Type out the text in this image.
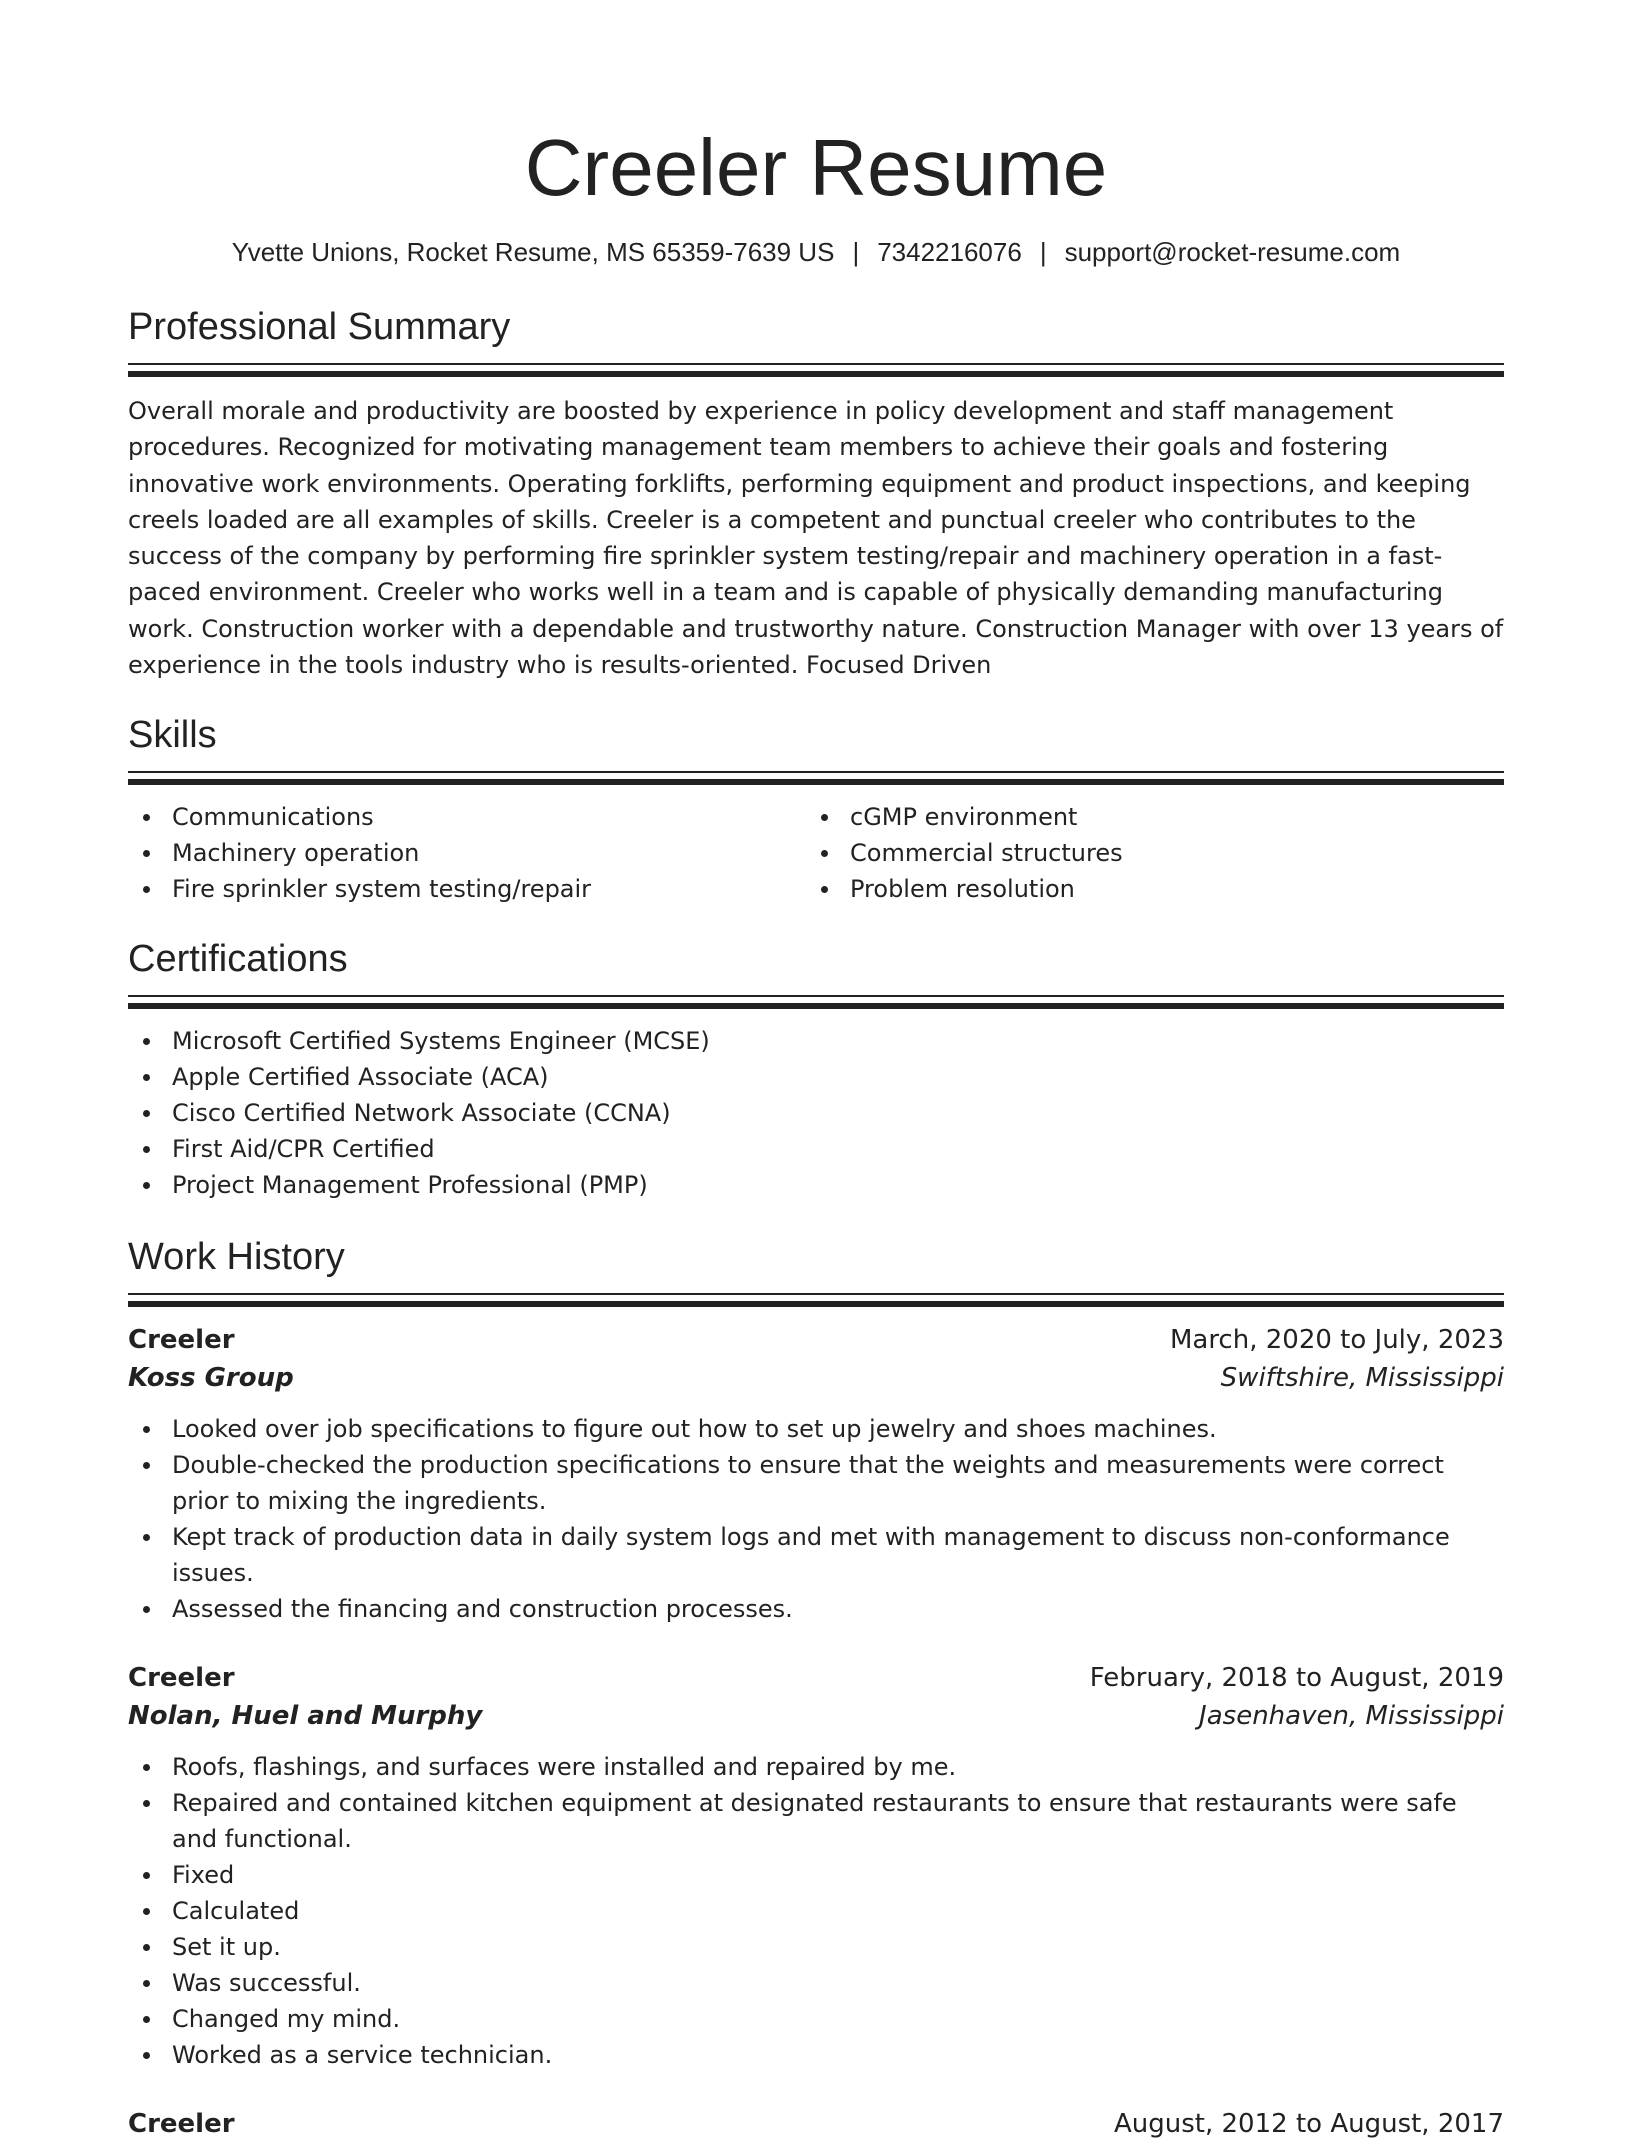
Creeler Resume
Yvette Unions, Rocket Resume, MS 65359-7639 US | 7342216076 | support@rocket-resume.com
Professional Summary

Overall morale and productivity are boosted by experience in policy development and staff management procedures. Recognized for motivating management team members to achieve their goals and fostering innovative work environments. Operating forklifts, performing equipment and product inspections, and keeping creels loaded are all examples of skills. Creeler is a competent and punctual creeler who contributes to the success of the company by performing fire sprinkler system testing/repair and machinery operation in a fast-paced environment. Creeler who works well in a team and is capable of physically demanding manufacturing work. Construction worker with a dependable and trustworthy nature. Construction Manager with over 13 years of experience in the tools industry who is results-oriented. Focused Driven

Skills
Communications
Machinery operation
Fire sprinkler system testing/repair
cGMP environment
Commercial structures
Problem resolution
Certifications
Microsoft Certified Systems Engineer (MCSE)
Apple Certified Associate (ACA)
Cisco Certified Network Associate (CCNA)
First Aid/CPR Certified
Project Management Professional (PMP)
Work History
Creeler	March, 2020 to July, 2023
Koss Group	Swiftshire, Mississippi
Looked over job specifications to figure out how to set up jewelry and shoes machines.
Double-checked the production specifications to ensure that the weights and measurements were correct prior to mixing the ingredients.
Kept track of production data in daily system logs and met with management to discuss non-conformance issues.
Assessed the financing and construction processes.
Creeler	February, 2018 to August, 2019
Nolan, Huel and Murphy	Jasenhaven, Mississippi
Roofs, flashings, and surfaces were installed and repaired by me.
Repaired and contained kitchen equipment at designated restaurants to ensure that restaurants were safe and functional.
Fixed
Calculated
Set it up.
Was successful.
Changed my mind.
Worked as a service technician.
Creeler	August, 2012 to August, 2017
